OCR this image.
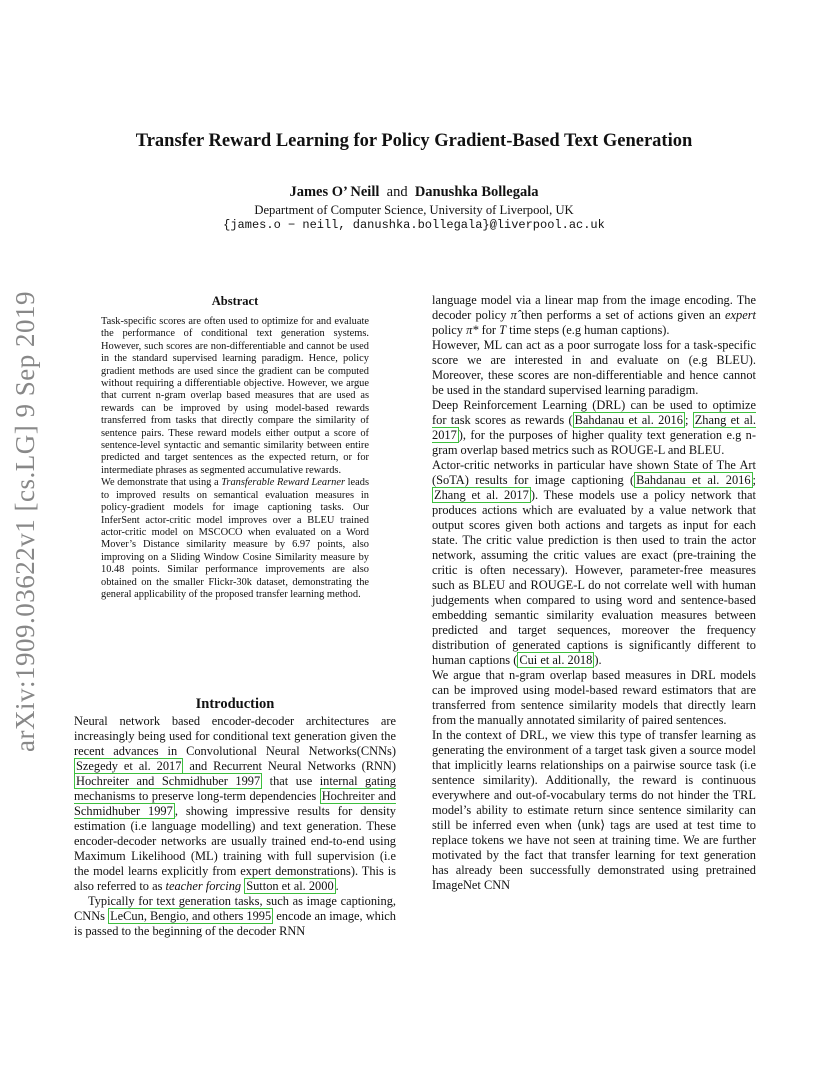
arXiv:1909.03622v1 [cs.LG] 9 Sep 2019
Transfer Reward Learning for Policy Gradient-Based Text Generation
James O’ Neill and Danushka Bollegala
Department of Computer Science, University of Liverpool, UK
{james.o − neill, danushka.bollegala}@liverpool.ac.uk
Abstract

Task-specific scores are often used to optimize for and evaluate the performance of conditional text generation systems. However, such scores are non-differentiable and cannot be used in the standard supervised learning paradigm. Hence, policy gradient methods are used since the gradient can be computed without requiring a differentiable objective. However, we argue that current n-gram overlap based measures that are used as rewards can be improved by using model-based rewards transferred from tasks that directly compare the similarity of sentence pairs. These reward models either output a score of sentence-level syntactic and semantic similarity between entire predicted and target sentences as the expected return, or for intermediate phrases as segmented accumulative rewards.

We demonstrate that using a Transferable Reward Learner leads to improved results on semantical evaluation measures in policy-gradient models for image captioning tasks. Our InferSent actor-critic model improves over a BLEU trained actor-critic model on MSCOCO when evaluated on a Word Mover’s Distance similarity measure by 6.97 points, also improving on a Sliding Window Cosine Similarity measure by 10.48 points. Similar performance improvements are also obtained on the smaller Flickr-30k dataset, demonstrating the general applicability of the proposed transfer learning method.

Introduction

Neural network based encoder-decoder architectures are increasingly being used for conditional text generation given the recent advances in Convolutional Neural Networks(CNNs) Szegedy et al. 2017 and Recurrent Neural Networks (RNN) Hochreiter and Schmidhuber 1997 that use internal gating mechanisms to preserve long-term dependencies Hochreiter and Schmidhuber 1997 , showing impressive results for density estimation (i.e language modelling) and text generation. These encoder-decoder networks are usually trained end-to-end using Maximum Likelihood (ML) training with full supervision (i.e the model learns explicitly from expert demonstrations). This is also referred to as teacher forcing Sutton et al. 2000 .

Typically for text generation tasks, such as image captioning, CNNs LeCun, Bengio, and others 1995 encode an image, which is passed to the beginning of the decoder RNN

language model via a linear map from the image encoding. The decoder policy π̂ then performs a set of actions given an expert policy π* for T time steps (e.g human captions).

However, ML can act as a poor surrogate loss for a task-specific score we are interested in and evaluate on (e.g BLEU). Moreover, these scores are non-differentiable and hence cannot be used in the standard supervised learning paradigm.

Deep Reinforcement Learning (DRL) can be used to optimize for task scores as rewards ( Bahdanau et al. 2016 ; Zhang et al. 2017 ), for the purposes of higher quality text generation e.g n-gram overlap based metrics such as ROUGE-L and BLEU.

Actor-critic networks in particular have shown State of The Art (SoTA) results for image captioning ( Bahdanau et al. 2016 ; Zhang et al. 2017 ). These models use a policy network that produces actions which are evaluated by a value network that output scores given both actions and targets as input for each state. The critic value prediction is then used to train the actor network, assuming the critic values are exact (pre-training the critic is often necessary). However, parameter-free measures such as BLEU and ROUGE-L do not correlate well with human judgements when compared to using word and sentence-based embedding semantic similarity evaluation measures between predicted and target sequences, moreover the frequency distribution of generated captions is significantly different to human captions ( Cui et al. 2018 ).

We argue that n-gram overlap based measures in DRL models can be improved using model-based reward estimators that are transferred from sentence similarity models that directly learn from the manually annotated similarity of paired sentences.

In the context of DRL, we view this type of transfer learning as generating the environment of a target task given a source model that implicitly learns relationships on a pairwise source task (i.e sentence similarity). Additionally, the reward is continuous everywhere and out-of-vocabulary terms do not hinder the TRL model’s ability to estimate return since sentence similarity can still be inferred even when ⟨unk⟩ tags are used at test time to replace tokens we have not seen at training time. We are further motivated by the fact that transfer learning for text generation has already been successfully demonstrated using pretrained ImageNet CNN
